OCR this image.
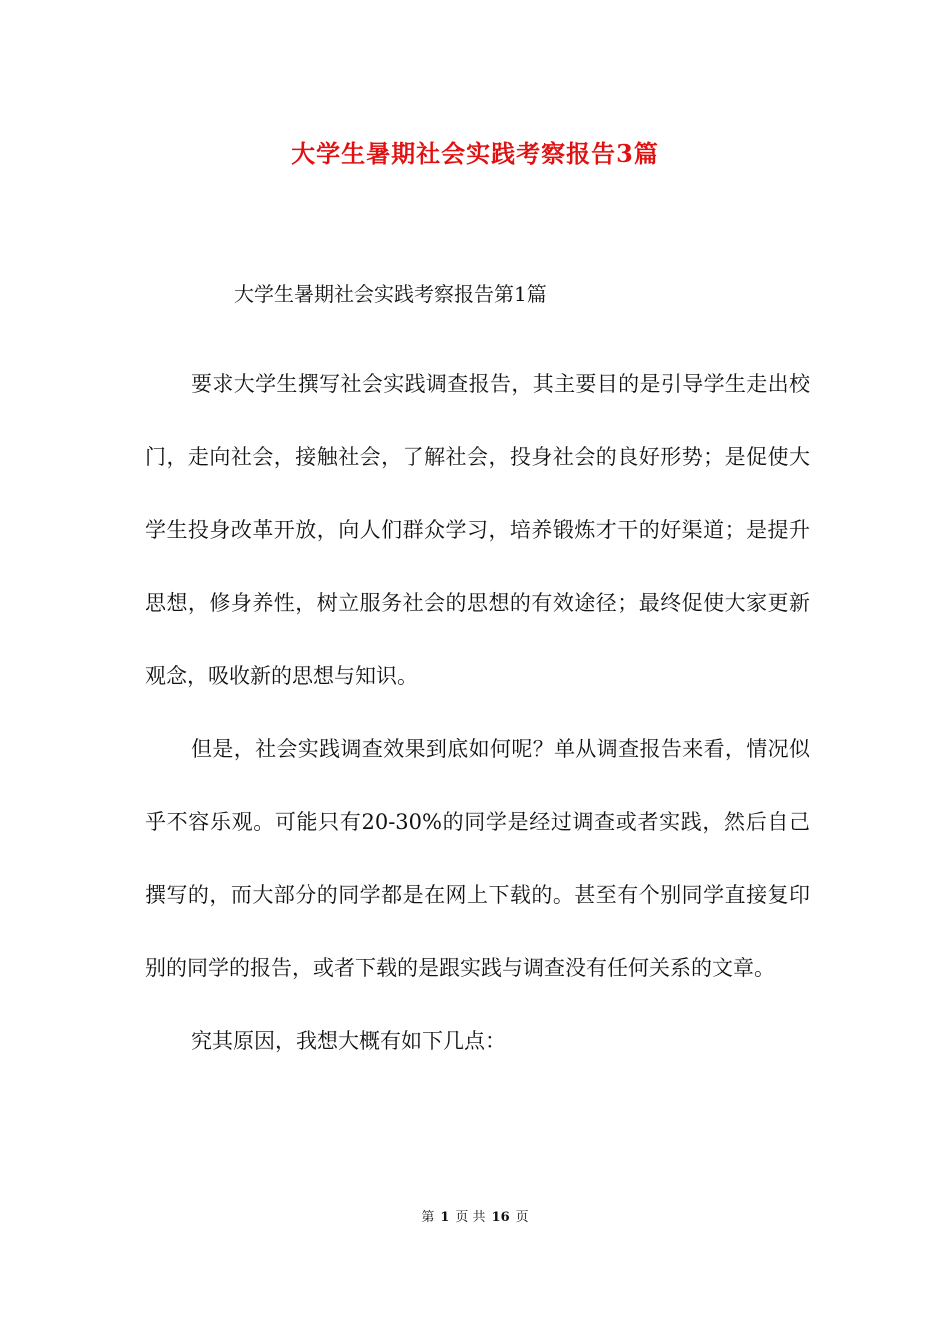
大学生暑期社会实践考察报告3篇
大学生暑期社会实践考察报告第1篇

要求大学生撰写社会实践调查报告，其主要目的是引导学生走出校门，走向社会，接触社会，了解社会，投身社会的良好形势；是促使大学生投身改革开放，向人们群众学习，培养锻炼才干的好渠道；是提升思想，修身养性，树立服务社会的思想的有效途径；最终促使大家更新观念，吸收新的思想与知识。

但是，社会实践调查效果到底如何呢？单从调查报告来看，情况似乎不容乐观。可能只有20-30%的同学是经过调查或者实践，然后自己撰写的，而大部分的同学都是在网上下载的。甚至有个别同学直接复印别的同学的报告，或者下载的是跟实践与调查没有任何关系的文章。

究其原因，我想大概有如下几点：

第 1 页 共 16 页
